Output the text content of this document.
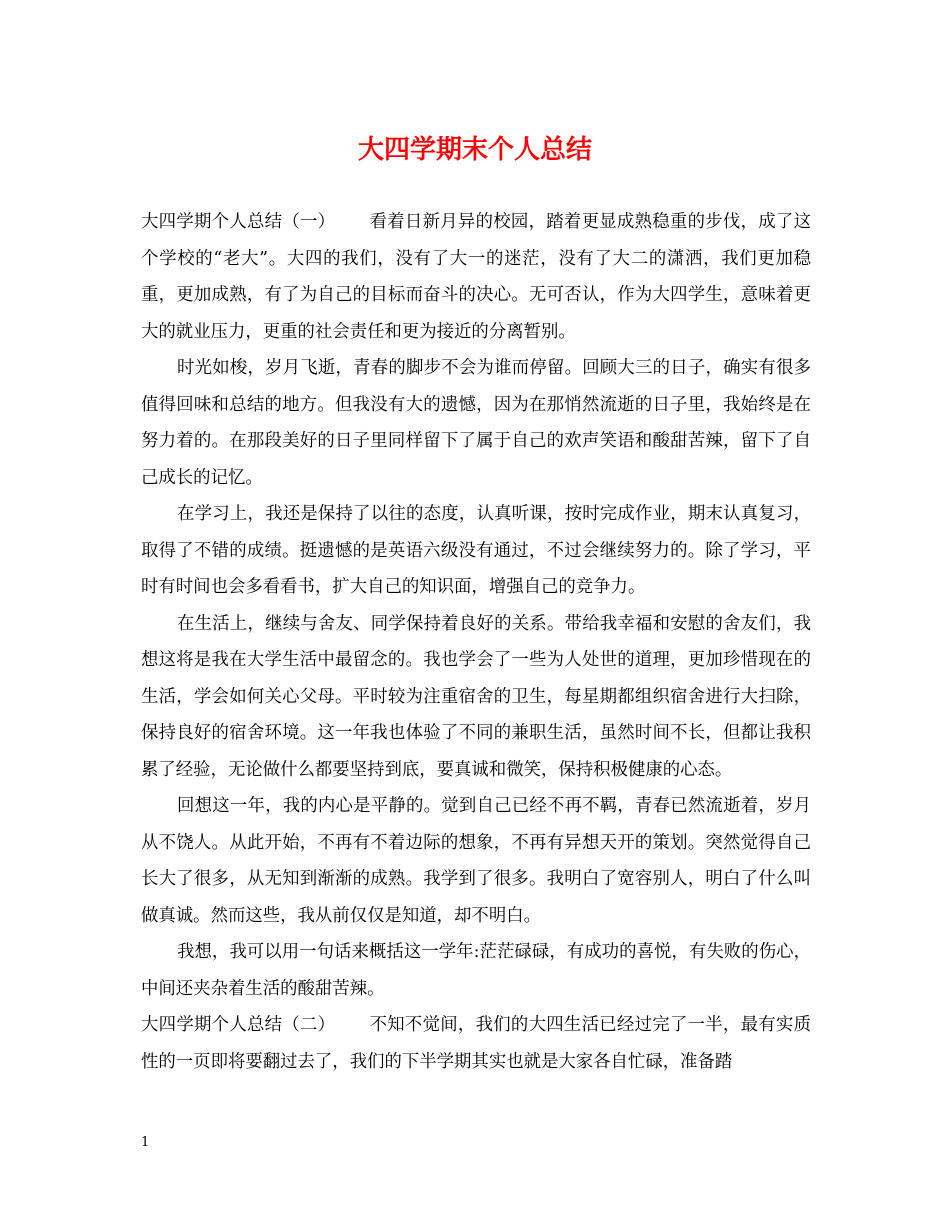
大四学期末个人总结

大四学期个人总结（一） 看着日新月异的校园，踏着更显成熟稳重的步伐，成了这个学校的“老大”。大四的我们，没有了大一的迷茫，没有了大二的潇洒，我们更加稳重，更加成熟，有了为自己的目标而奋斗的决心。无可否认，作为大四学生，意味着更大的就业压力，更重的社会责任和更为接近的分离暂别。

时光如梭，岁月飞逝，青春的脚步不会为谁而停留。回顾大三的日子，确实有很多值得回味和总结的地方。但我没有大的遗憾，因为在那悄然流逝的日子里，我始终是在努力着的。在那段美好的日子里同样留下了属于自己的欢声笑语和酸甜苦辣，留下了自己成长的记忆。

在学习上，我还是保持了以往的态度，认真听课，按时完成作业，期末认真复习，取得了不错的成绩。挺遗憾的是英语六级没有通过，不过会继续努力的。除了学习，平时有时间也会多看看书，扩大自己的知识面，增强自己的竞争力。

在生活上，继续与舍友、同学保持着良好的关系。带给我幸福和安慰的舍友们，我想这将是我在大学生活中最留念的。我也学会了一些为人处世的道理，更加珍惜现在的生活，学会如何关心父母。平时较为注重宿舍的卫生，每星期都组织宿舍进行大扫除，保持良好的宿舍环境。这一年我也体验了不同的兼职生活，虽然时间不长，但都让我积累了经验，无论做什么都要坚持到底，要真诚和微笑，保持积极健康的心态。

回想这一年，我的内心是平静的。觉到自己已经不再不羁，青春已然流逝着，岁月从不饶人。从此开始，不再有不着边际的想象，不再有异想天开的策划。突然觉得自己长大了很多，从无知到渐渐的成熟。我学到了很多。我明白了宽容别人，明白了什么叫做真诚。然而这些，我从前仅仅是知道，却不明白。

我想，我可以用一句话来概括这一学年:茫茫碌碌，有成功的喜悦，有失败的伤心，中间还夹杂着生活的酸甜苦辣。

大四学期个人总结（二） 不知不觉间，我们的大四生活已经过完了一半，最有实质性的一页即将要翻过去了，我们的下半学期其实也就是大家各自忙碌，准备踏

1
